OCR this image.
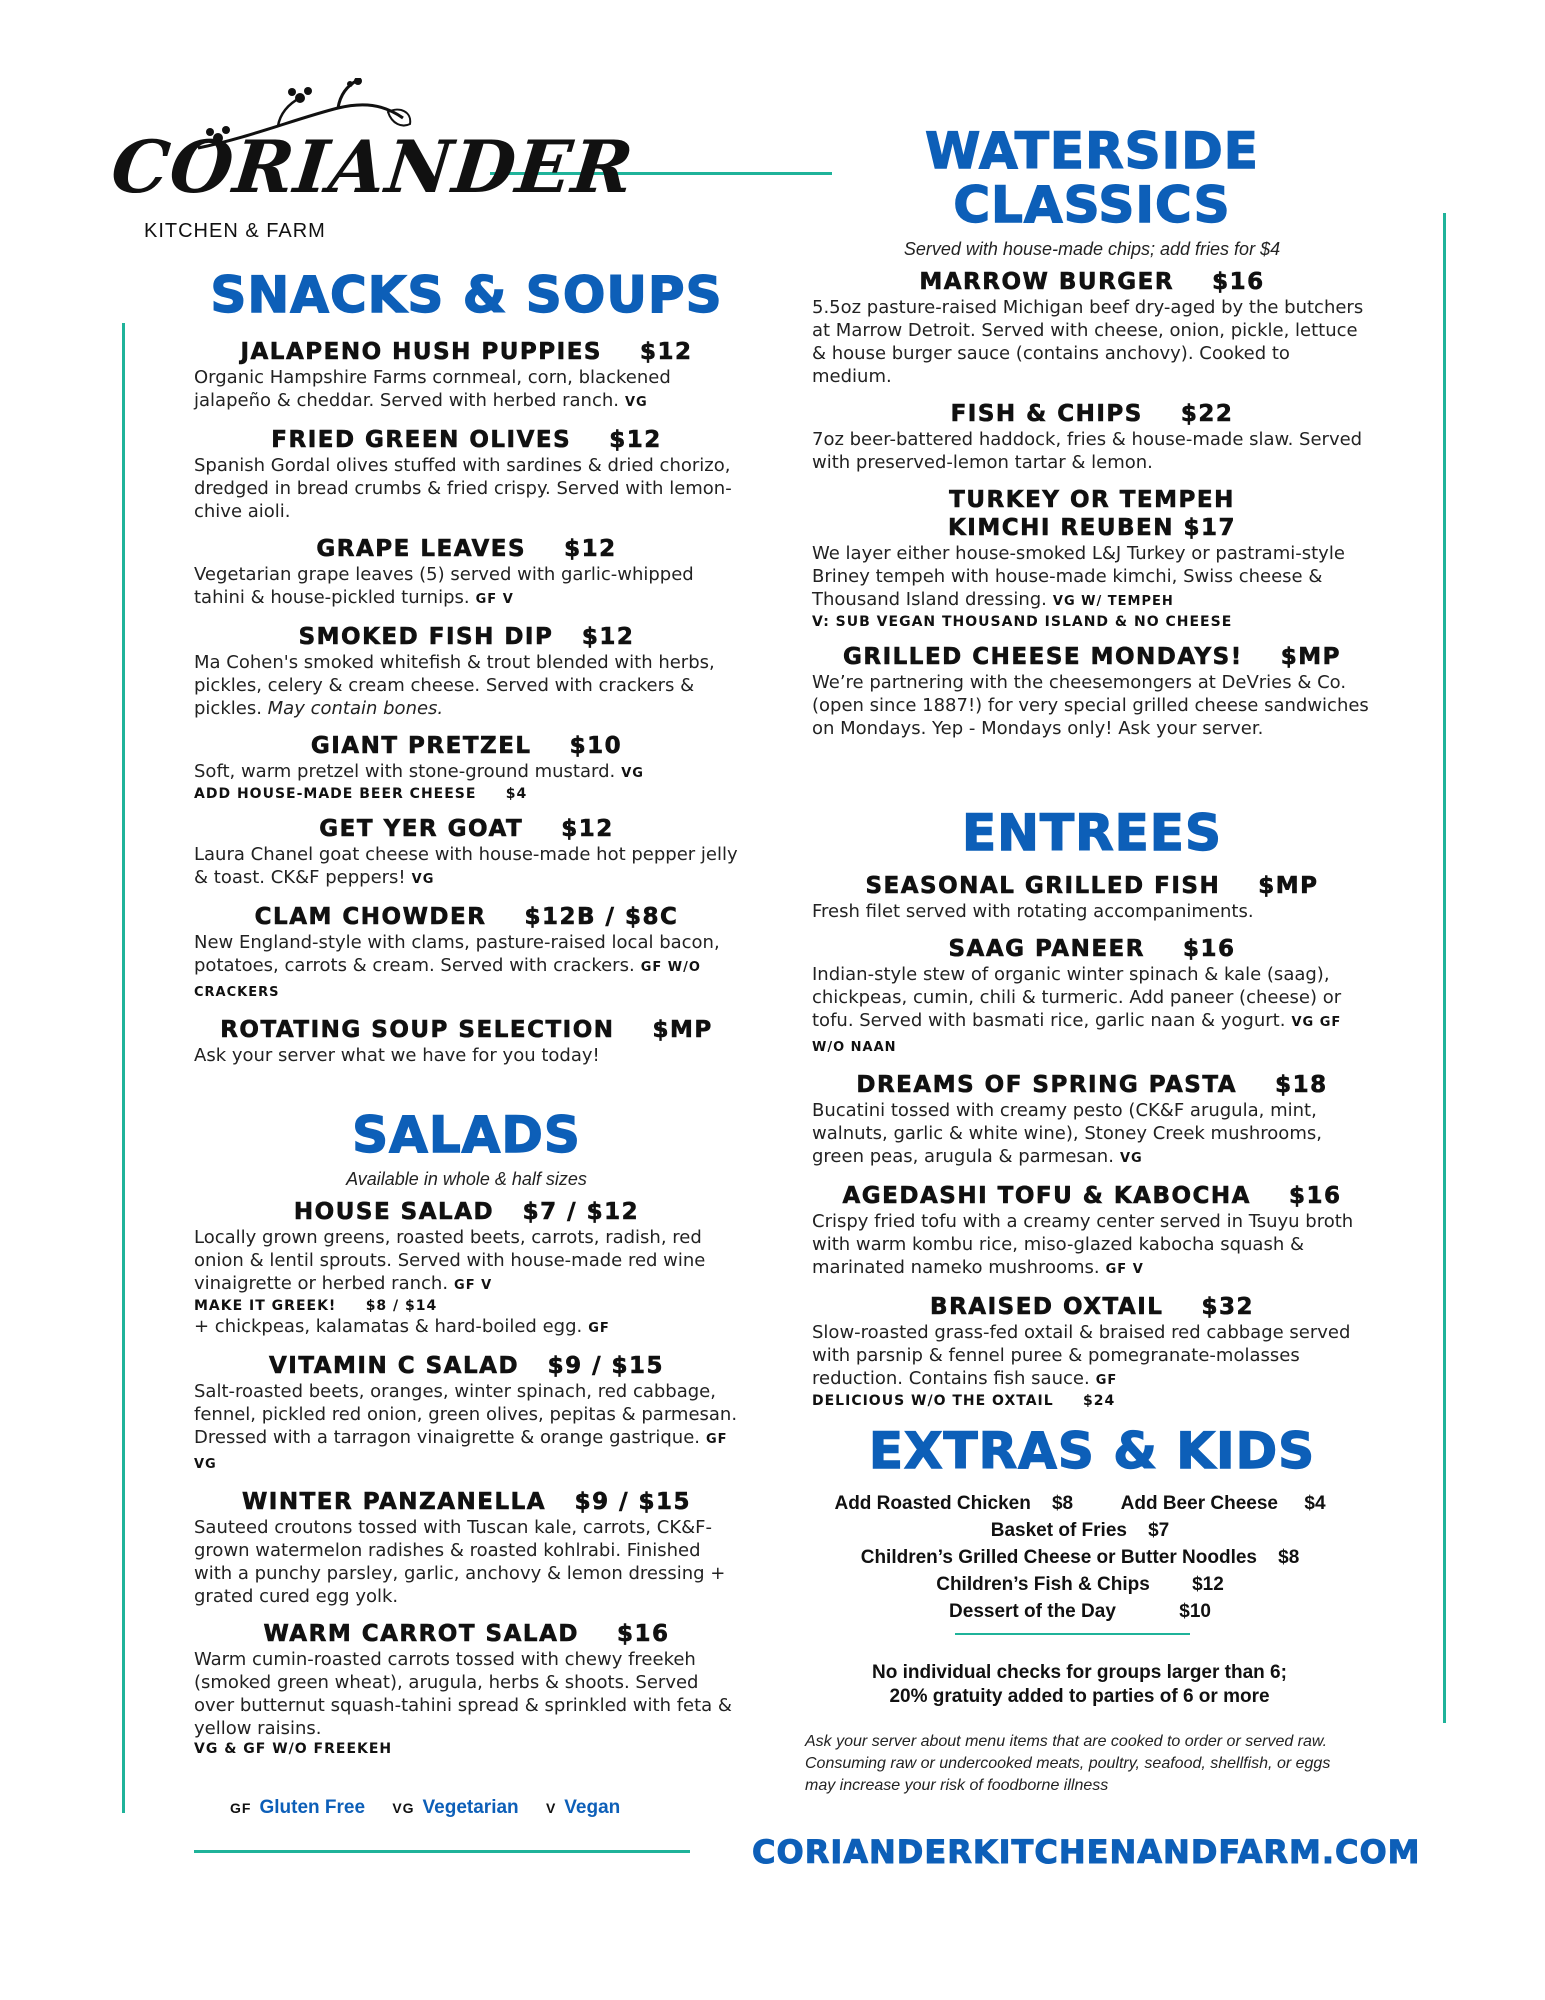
CORIANDER
KITCHEN & FARM
SNACKS & SOUPS
JALAPENO HUSH PUPPIES $12

Organic Hampshire Farms cornmeal, corn, blackened jalapeño & cheddar. Served with herbed ranch. VG

FRIED GREEN OLIVES $12

Spanish Gordal olives stuffed with sardines & dried chorizo, dredged in bread crumbs & fried crispy. Served with lemon-chive aioli.

GRAPE LEAVES $12

Vegetarian grape leaves (5) served with garlic-whipped tahini & house-pickled turnips. GF V

SMOKED FISH DIP $12

Ma Cohen's smoked whitefish & trout blended with herbs, pickles, celery & cream cheese. Served with crackers & pickles. May contain bones.

GIANT PRETZEL $10

Soft, warm pretzel with stone-ground mustard. VG
ADD HOUSE-MADE BEER CHEESE     $4

GET YER GOAT $12

Laura Chanel goat cheese with house-made hot pepper jelly & toast. CK&F peppers! VG

CLAM CHOWDER $12B / $8C

New England-style with clams, pasture-raised local bacon, potatoes, carrots & cream. Served with crackers. GF W/O CRACKERS

ROTATING SOUP SELECTION $MP

Ask your server what we have for you today!

SALADS
Available in whole & half sizes
HOUSE SALAD $7 / $12

Locally grown greens, roasted beets, carrots, radish, red onion & lentil sprouts. Served with house-made red wine vinaigrette or herbed ranch. GF V
MAKE IT GREEK!     $8 / $14
+ chickpeas, kalamatas & hard-boiled egg. GF

VITAMIN C SALAD $9 / $15

Salt-roasted beets, oranges, winter spinach, red cabbage, fennel, pickled red onion, green olives, pepitas & parmesan. Dressed with a tarragon vinaigrette & orange gastrique. GF VG

WINTER PANZANELLA $9 / $15

Sauteed croutons tossed with Tuscan kale, carrots, CK&F-grown watermelon radishes & roasted kohlrabi. Finished with a punchy parsley, garlic, anchovy & lemon dressing + grated cured egg yolk.

WARM CARROT SALAD $16

Warm cumin-roasted carrots tossed with chewy freekeh (smoked green wheat), arugula, herbs & shoots. Served over butternut squash-tahini spread & sprinkled with feta & yellow raisins.
VG & GF W/O FREEKEH

GF Gluten Free VG Vegetarian V Vegan
WATERSIDE
CLASSICS
Served with house-made chips; add fries for $4
MARROW BURGER $16

5.5oz pasture-raised Michigan beef dry-aged by the butchers at Marrow Detroit. Served with cheese, onion, pickle, lettuce & house burger sauce (contains anchovy). Cooked to medium.

FISH & CHIPS $22

7oz beer-battered haddock, fries & house-made slaw. Served with preserved-lemon tartar & lemon.

TURKEY OR TEMPEH
KIMCHI REUBEN $17

We layer either house-smoked L&J Turkey or pastrami-style Briney tempeh with house-made kimchi, Swiss cheese & Thousand Island dressing. VG W/ TEMPEH
V: SUB VEGAN THOUSAND ISLAND & NO CHEESE

GRILLED CHEESE MONDAYS! $MP

We’re partnering with the cheesemongers at DeVries & Co. (open since 1887!) for very special grilled cheese sandwiches on Mondays. Yep - Mondays only! Ask your server.

ENTREES
SEASONAL GRILLED FISH $MP

Fresh filet served with rotating accompaniments.

SAAG PANEER $16

Indian-style stew of organic winter spinach & kale (saag), chickpeas, cumin, chili & turmeric. Add paneer (cheese) or tofu. Served with basmati rice, garlic naan & yogurt. VG GF W/O NAAN

DREAMS OF SPRING PASTA $18

Bucatini tossed with creamy pesto (CK&F arugula, mint, walnuts, garlic & white wine), Stoney Creek mushrooms, green peas, arugula & parmesan. VG

AGEDASHI TOFU & KABOCHA $16

Crispy fried tofu with a creamy center served in Tsuyu broth with warm kombu rice, miso-glazed kabocha squash & marinated nameko mushrooms. GF V

BRAISED OXTAIL $32

Slow-roasted grass-fed oxtail & braised red cabbage served with parsnip & fennel puree & pomegranate-molasses reduction. Contains fish sauce. GF
DELICIOUS W/O THE OXTAIL     $24

EXTRAS & KIDS
Add Roasted Chicken $8	Add Beer Cheese $4
Basket of Fries $7
Children’s Grilled Cheese or Butter Noodles $8
Children’s Fish & Chips $12
Dessert of the Day	$10
No individual checks for groups larger than 6;
20% gratuity added to parties of 6 or more
Ask your server about menu items that are cooked to order or served raw. Consuming raw or undercooked meats, poultry, seafood, shellfish, or eggs may increase your risk of foodborne illness
CORIANDERKITCHENANDFARM.COM
